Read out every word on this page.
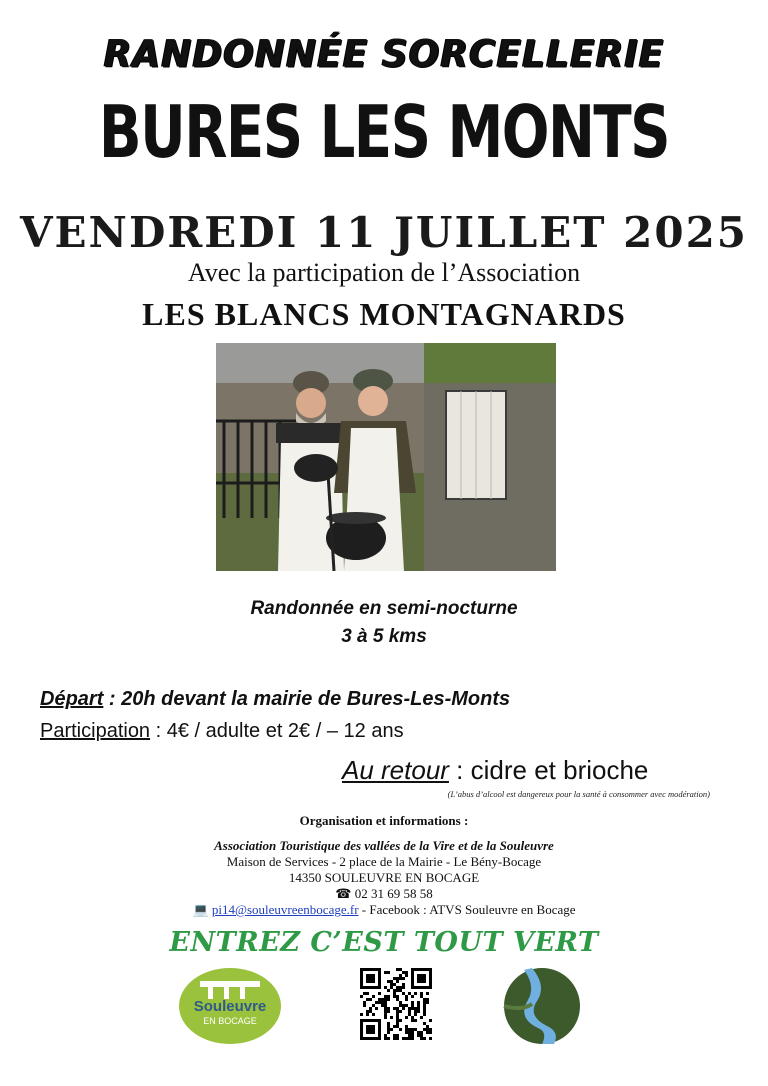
RANDONNÉE SORCELLERIE
BURES LES MONTS
VENDREDI 11 JUILLET 2025
Avec la participation de l’Association
LES BLANCS MONTAGNARDS
Randonnée en semi-nocturne
3 à 5 kms
Départ : 20h devant la mairie de Bures-Les-Monts
Participation : 4€ / adulte et 2€ / – 12 ans
Au retour : cidre et brioche
(L’abus d’alcool est dangereux pour la santé à consommer avec modération)
Organisation et informations :
Association Touristique des vallées de la Vire et de la Souleuvre
Maison de Services - 2 place de la Mairie - Le Bény-Bocage
14350 SOULEUVRE EN BOCAGE
☎ 02 31 69 58 58
💻 pi14@souleuvreenbocage.fr - Facebook : ATVS Souleuvre en Bocage
ENTREZ C’EST TOUT VERT
Souleuvre
EN BOCAGE
